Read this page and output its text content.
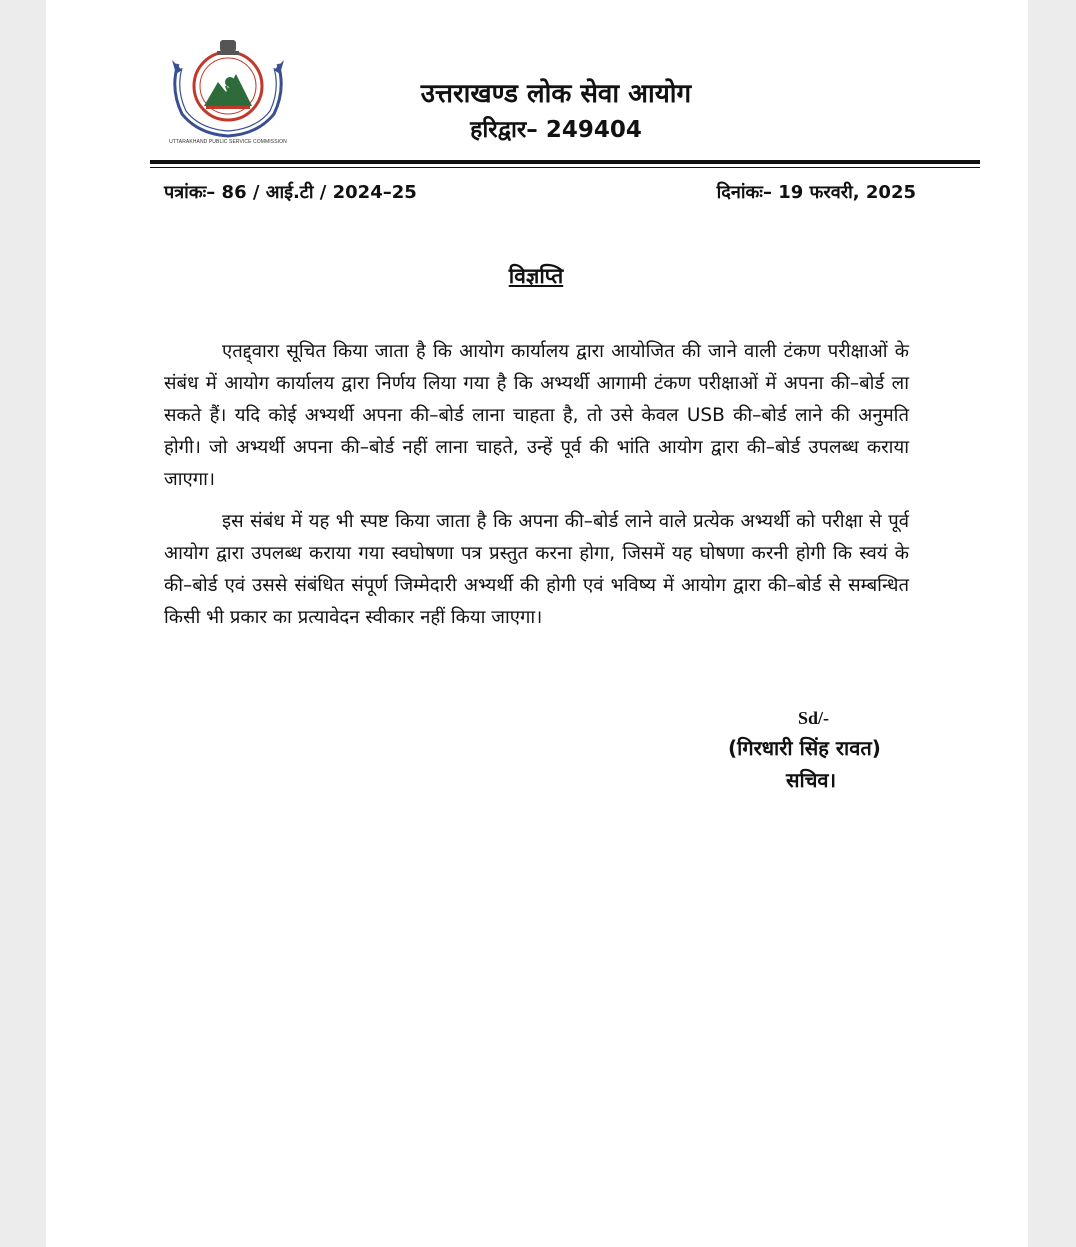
UTTARAKHAND PUBLIC SERVICE COMMISSION
उत्तराखण्ड लोक सेवा आयोग
हरिद्वार– 249404
पत्रांकः– 86 / आई.टी / 2024–25	दिनांकः– 19 फरवरी, 2025
विज्ञप्ति

एतद्द्वारा सूचित किया जाता है कि आयोग कार्यालय द्वारा आयोजित की जाने वाली टंकण परीक्षाओं के संबंध में आयोग कार्यालय द्वारा निर्णय लिया गया है कि अभ्यर्थी आगामी टंकण परीक्षाओं में अपना की–बोर्ड ला सकते हैं। यदि कोई अभ्यर्थी अपना की–बोर्ड लाना चाहता है, तो उसे केवल USB की–बोर्ड लाने की अनुमति होगी। जो अभ्यर्थी अपना की–बोर्ड नहीं लाना चाहते, उन्हें पूर्व की भांति आयोग द्वारा की–बोर्ड उपलब्ध कराया जाएगा।

इस संबंध में यह भी स्पष्ट किया जाता है कि अपना की–बोर्ड लाने वाले प्रत्येक अभ्यर्थी को परीक्षा से पूर्व आयोग द्वारा उपलब्ध कराया गया स्वघोषणा पत्र प्रस्तुत करना होगा, जिसमें यह घोषणा करनी होगी कि स्वयं के की–बोर्ड एवं उससे संबंधित संपूर्ण जिम्मेदारी अभ्यर्थी की होगी एवं भविष्य में आयोग द्वारा की–बोर्ड से सम्बन्धित किसी भी प्रकार का प्रत्यावेदन स्वीकार नहीं किया जाएगा।

Sd/-
(गिरधारी सिंह रावत)
सचिव।
